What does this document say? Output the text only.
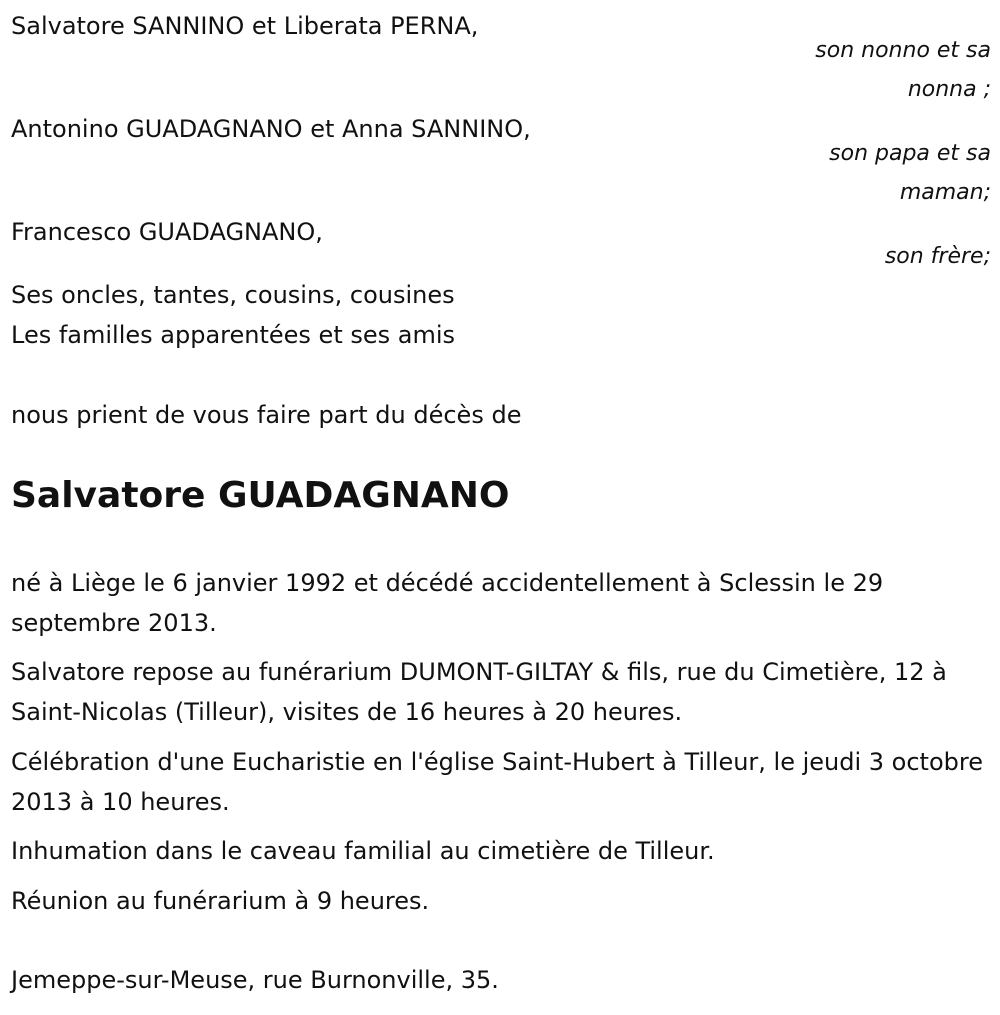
Salvatore SANNINO et Liberata PERNA,
son nonno et sa
nonna ;
Antonino GUADAGNANO et Anna SANNINO,
son papa et sa
maman;
Francesco GUADAGNANO,
son frère;
Ses oncles, tantes, cousins, cousines
Les familles apparentées et ses amis
nous prient de vous faire part du décès de
Salvatore GUADAGNANO
né à Liège le 6 janvier 1992 et décédé accidentellement à Sclessin le 29 septembre 2013.
Salvatore repose au funérarium DUMONT-GILTAY & fils, rue du Cimetière, 12 à Saint-Nicolas (Tilleur), visites de 16 heures à 20 heures.
Célébration d'une Eucharistie en l'église Saint-Hubert à Tilleur, le jeudi 3 octobre 2013 à 10 heures.
Inhumation dans le caveau familial au cimetière de Tilleur.
Réunion au funérarium à 9 heures.
Jemeppe-sur-Meuse, rue Burnonville, 35.
